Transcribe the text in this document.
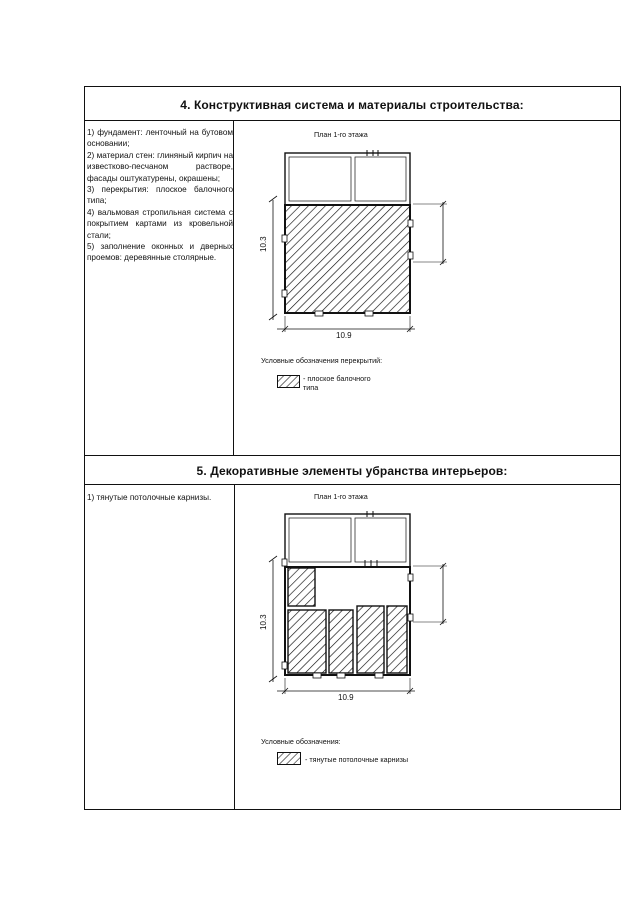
4. Конструктивная система и материалы строительства:

1) фундамент: ленточный на бутовом основании;

2) материал стен: глиняный кирпич на известково-песчаном растворе, фасады оштукатурены, окрашены;

3) перекрытия: плоское балочного типа;

4) вальмовая стропильная система с покрытием картами из кровельной стали;

5) заполнение оконных и дверных проемов: деревянные столярные.

План 1-го этажа
10.3
10.9
Условные обозначения перекрытий:
- плоское балочного типа
5. Декоративные элементы убранства интерьеров:

1) тянутые потолочные карнизы.	План 1-го этажа
10.3
10.9
Условные обозначения:
- тянутые потолочные карнизы
